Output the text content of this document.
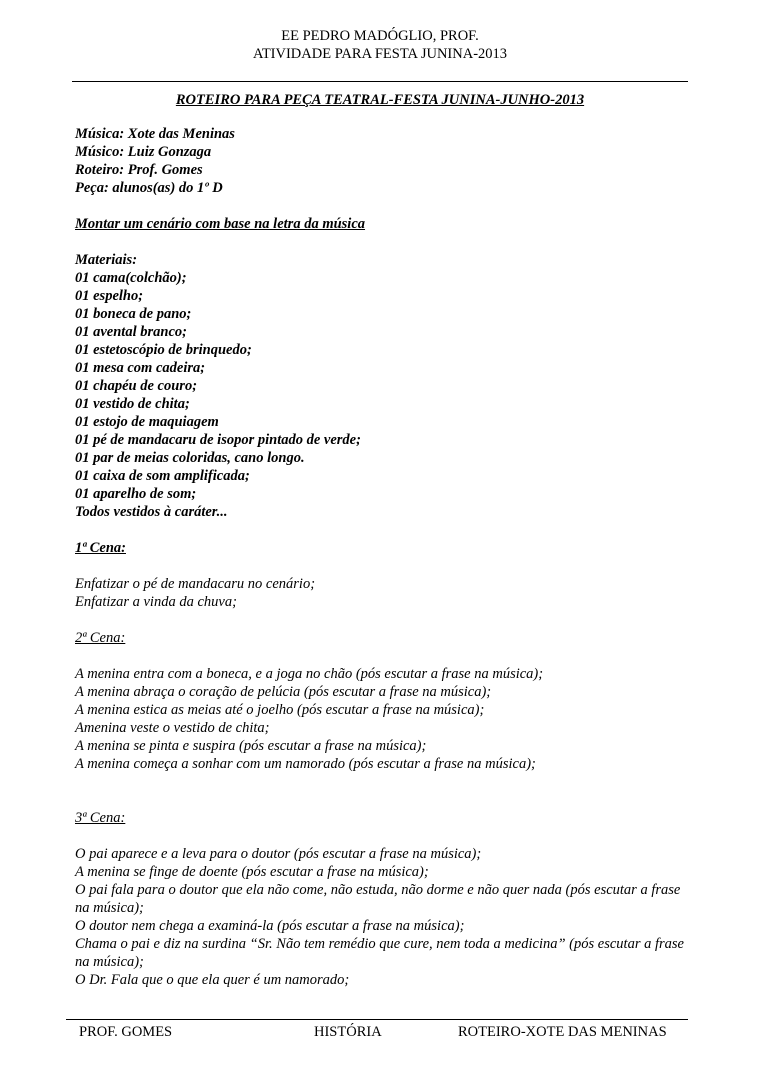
EE PEDRO MADÓGLIO, PROF.
ATIVIDADE PARA FESTA JUNINA-2013
ROTEIRO PARA PEÇA TEATRAL-FESTA JUNINA-JUNHO-2013
Música: Xote das Meninas
Músico: Luiz Gonzaga
Roteiro: Prof. Gomes
Peça: alunos(as) do 1º D
Montar um cenário com base na letra da música
Materiais:
01 cama(colchão);
01 espelho;
01 boneca de pano;
01 avental branco;
01 estetoscópio de brinquedo;
01 mesa com cadeira;
01 chapéu de couro;
01 vestido de chita;
01 estojo de maquiagem
01 pé de mandacaru de isopor pintado de verde;
01 par de meias coloridas, cano longo.
01 caixa de som amplificada;
01 aparelho de som;
Todos vestidos à caráter...
1ª Cena:
Enfatizar o pé de mandacaru no cenário;
Enfatizar a vinda da chuva;
2ª Cena:
A menina entra com a boneca, e a joga no chão (pós escutar a frase na música);
A menina abraça o coração de pelúcia (pós escutar a frase na música);
A menina estica as meias até o joelho (pós escutar a frase na música);
Amenina veste o vestido de chita;
A menina se pinta e suspira (pós escutar a frase na música);
A menina começa a sonhar com um namorado (pós escutar a frase na música);
3ª Cena:
O pai aparece e a leva para o doutor (pós escutar a frase na música);
A menina se finge de doente (pós escutar a frase na música);
O pai fala para o doutor que ela não come, não estuda, não dorme e não quer nada (pós escutar a frase na música);
O doutor nem chega a examiná-la (pós escutar a frase na música);
Chama o pai e diz na surdina “Sr. Não tem remédio que cure, nem toda a medicina” (pós escutar a frase na música);
O Dr. Fala que o que ela quer é um namorado;
PROF. GOMES	HISTÓRIA	ROTEIRO-XOTE DAS MENINAS
